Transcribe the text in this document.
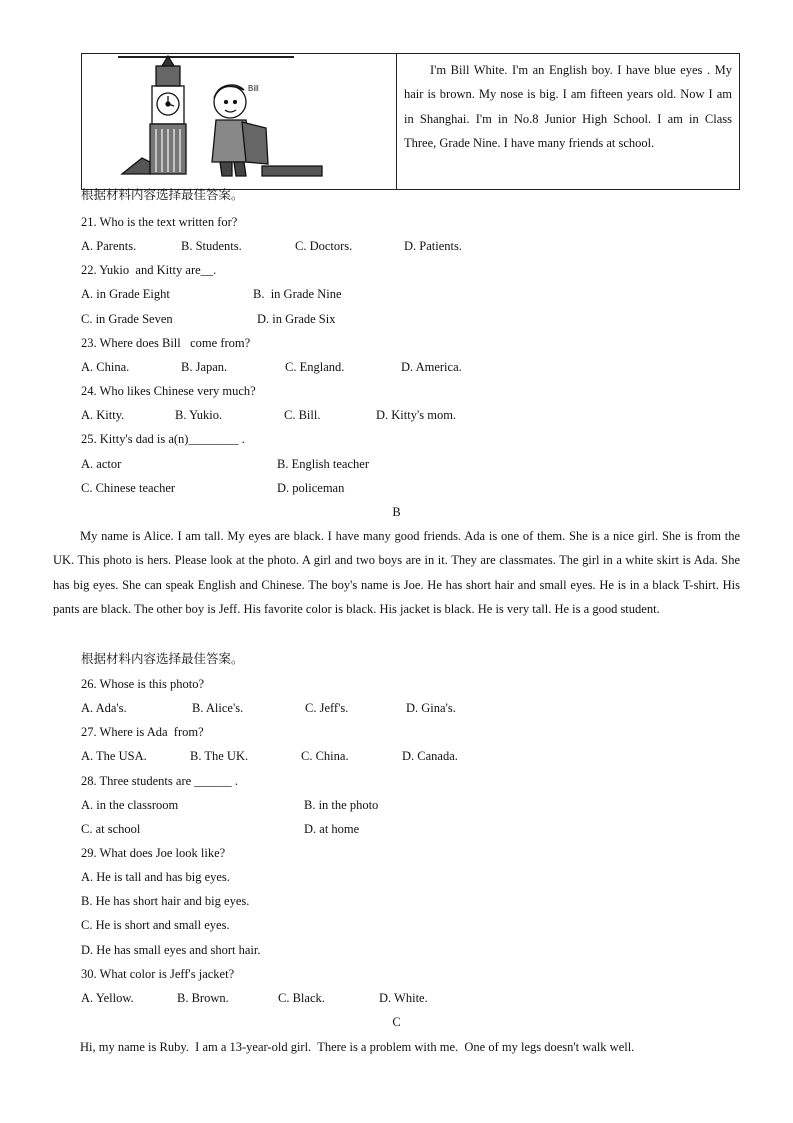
Bill
	I'm Bill White. I'm an English boy. I have blue eyes . My hair is brown. My nose is big. I am fifteen years old. Now I am in Shanghai. I'm in No.8 Junior High School. I am in Class Three, Grade Nine. I have many friends at school.
根据材料内容选择最佳答案。
21. Who is the text written for?
A. Parents.	B. Students.	C. Doctors.	D. Patients.
22. Yukio  and Kitty are__.
A. in Grade Eight	B.  in Grade Nine
C. in Grade Seven	D. in Grade Six
23. Where does Bill   come from?
A. China.	B. Japan.	C. England.	D. America.
24. Who likes Chinese very much?
A. Kitty.	B. Yukio.	C. Bill.	D. Kitty's mom.
25. Kitty's dad is a(n)________ .
A. actor	B. English teacher
C. Chinese teacher	D. policeman
B
My name is Alice. I am tall. My eyes are black. I have many good friends. Ada is one of them. She is a nice girl. She is from the UK. This photo is hers. Please look at the photo. A girl and two boys are in it. They are classmates. The girl in a white skirt is Ada. She has big eyes. She can speak English and Chinese. The boy's name is Joe. He has short hair and small eyes. He is in a black T-shirt. His pants are black. The other boy is Jeff. His favorite color is black. His jacket is black. He is very tall. He is a good student.
根据材料内容选择最佳答案。
26. Whose is this photo?
A. Ada's.	B. Alice's.	C. Jeff's.	D. Gina's.
27. Where is Ada  from?
A. The USA.	B. The UK.	C. China.	D. Canada.
28. Three students are ______ .
A. in the classroom	B. in the photo
C. at school	D. at home
29. What does Joe look like?
A. He is tall and has big eyes.
B. He has short hair and big eyes.
C. He is short and small eyes.
D. He has small eyes and short hair.
30. What color is Jeff's jacket?
A. Yellow.	B. Brown.	C. Black.	D. White.
C
Hi, my name is Ruby.  I am a 13-year-old girl.  There is a problem with me.  One of my legs doesn't walk well.
